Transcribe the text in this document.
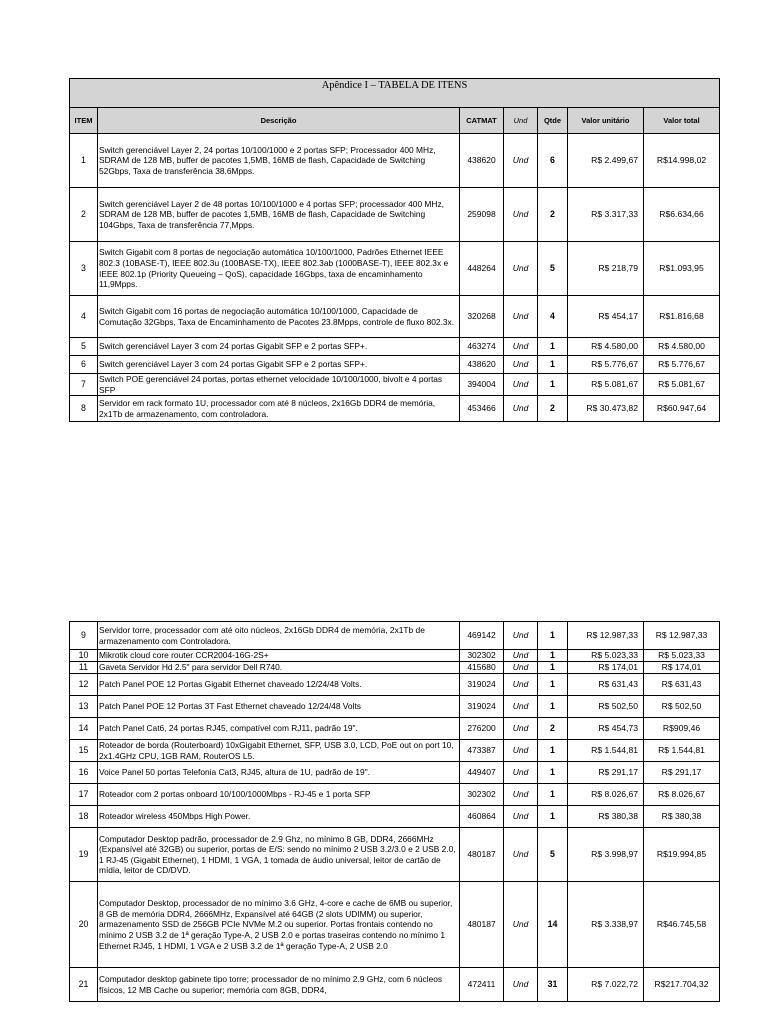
Apêndice I – TABELA DE ITENS						
ITEM	Descrição	CATMAT	Und	Qtde	Valor unitário	Valor total
1	Switch gerenciável Layer 2, 24 portas 10/100/1000 e 2 portas SFP; Processador 400 MHz, SDRAM de 128 MB, buffer de pacotes 1,5MB, 16MB de flash, Capacidade de Switching 52Gbps, Taxa de transferência 38.6Mpps.	438620	Und	6	R$ 2.499,67	R$14.998,02
2	Switch gerenciável Layer 2 de 48 portas 10/100/1000 e 4 portas SFP; processador 400 MHz, SDRAM de 128 MB, buffer de pacotes 1,5MB, 16MB de flash, Capacidade de Switching 104Gbps, Taxa de transferência 77,Mpps.	259098	Und	2	R$ 3.317,33	R$6.634,66
3	Switch Gigabit com 8 portas de negociação automática 10/100/1000, Padrões Ethernet IEEE 802.3 (10BASE-T), IEEE 802.3u (100BASE-TX), IEEE 802.3ab (1000BASE-T), IEEE 802.3x e IEEE 802.1p (Priority Queueing – QoS), capacidade 16Gbps, taxa de encaminhamento 11,9Mpps.	448264	Und	5	R$ 218,79	R$1.093,95
4	Switch Gigabit com 16 portas de negociação automática 10/100/1000, Capacidade de Comutação 32Gbps, Taxa de Encaminhamento de Pacotes 23.8Mpps, controle de fluxo 802.3x.	320268	Und	4	R$ 454,17	R$1.816,68
5	Switch gerenciável Layer 3 com 24 portas Gigabit SFP e 2 portas SFP+.	463274	Und	1	R$ 4.580,00	R$ 4.580,00
6	Switch gerenciável Layer 3 com 24 portas Gigabit SFP e 2 portas SFP+.	438620	Und	1	R$ 5.776,67	R$ 5.776,67
7	Switch POE gerenciável 24 portas, portas ethernet velocidade 10/100/1000, bivolt e 4 portas SFP	394004	Und	1	R$ 5.081,67	R$ 5.081,67
8	Servidor em rack formato 1U, processador com até 8 núcleos, 2x16Gb DDR4 de memória, 2x1Tb de armazenamento, com controladora.	453466	Und	2	R$ 30.473,82	R$60.947,64
9	Servidor torre, processador com até oito núcleos, 2x16Gb DDR4 de memória, 2x1Tb de armazenamento com Controladora.	469142	Und	1	R$ 12.987,33	R$ 12.987,33
10	Mikrotik cloud core router CCR2004-16G-2S+	302302	Und	1	R$ 5.023,33	R$ 5.023,33
11	Gaveta Servidor Hd 2.5" para servidor Dell R740.	415680	Und	1	R$ 174,01	R$ 174,01
12	Patch Panel POE 12 Portas Gigabit Ethernet chaveado 12/24/48 Volts.	319024	Und	1	R$ 631,43	R$ 631,43
13	Patch Panel POE 12 Portas 3T Fast Ethernet chaveado 12/24/48 Volts	319024	Und	1	R$ 502,50	R$ 502,50
14	Patch Panel Cat6, 24 portas RJ45, compatível com RJ11, padrão 19".	276200	Und	2	R$ 454,73	R$909,46
15	Roteador de borda (Routerboard) 10xGigabit Ethernet, SFP, USB 3.0, LCD, PoE out on port 10, 2x1.4GHz CPU, 1GB RAM, RouterOS L5.	473387	Und	1	R$ 1.544,81	R$ 1.544,81
16	Voice Panel 50 portas Telefonia Cat3, RJ45, altura de 1U, padrão de 19".	449407	Und	1	R$ 291,17	R$ 291,17
17	Roteador com 2 portas onboard 10/100/1000Mbps - RJ-45 e 1 porta SFP	302302	Und	1	R$ 8.026,67	R$ 8.026,67
18	Roteador wireless 450Mbps High Power.	460864	Und	1	R$ 380,38	R$ 380,38
19	Computador Desktop padrão, processador de 2.9 Ghz, no mínimo 8 GB, DDR4, 2666MHz (Expansível até 32GB) ou superior, portas de E/S: sendo no mínimo 2 USB 3.2/3.0 e 2 USB 2.0, 1 RJ-45 (Gigabit Ethernet), 1 HDMI, 1 VGA, 1 tomada de áudio universal, leitor de cartão de mídia, leitor de CD/DVD.	480187	Und	5	R$ 3.998,97	R$19.994,85
20	Computador Desktop, processador de no mínimo 3.6 GHz, 4-core e cache de 6MB ou superior, 8 GB de memória DDR4, 2666MHz, Expansível até 64GB (2 slots UDIMM) ou superior, armazenamento SSD de 256GB PCIe NVMe M.2 ou superior. Portas frontais contendo no mínimo 2 USB 3.2 de 1ª geração Type-A, 2 USB 2.0 e portas traseiras contendo no mínimo 1 Ethernet RJ45, 1 HDMI, 1 VGA e 2 USB 3.2 de 1ª geração Type-A, 2 USB 2.0	480187	Und	14	R$ 3.338,97	R$46.745,58
21	Computador desktop gabinete tipo torre; processador de no mínimo 2.9 GHz, com 6 núcleos físicos, 12 MB Cache ou superior; memória com 8GB, DDR4,	472411	Und	31	R$ 7.022,72	R$217.704,32
